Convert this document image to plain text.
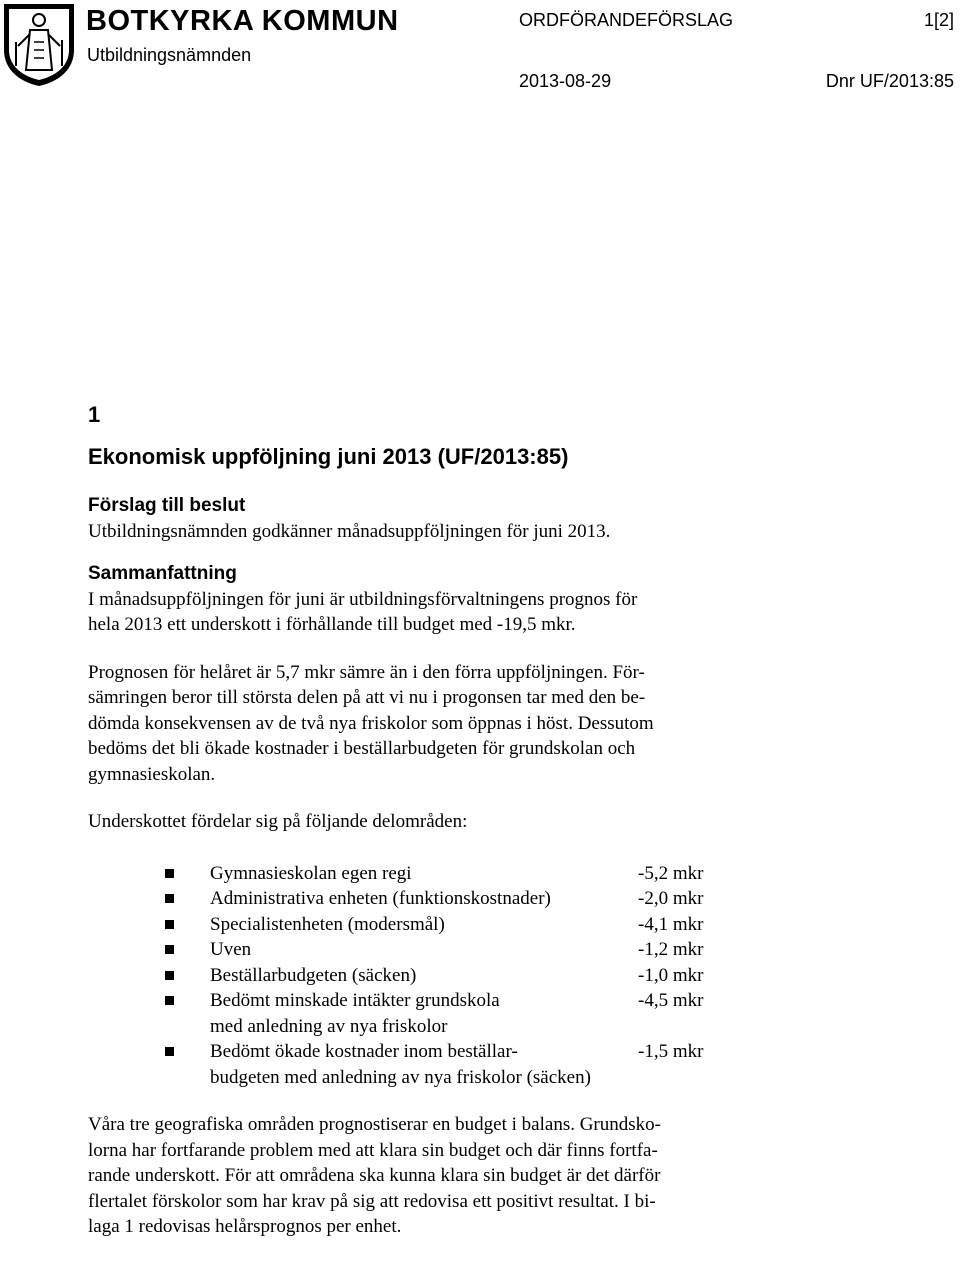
BOTKYRKA KOMMUN
Utbildningsnämnden
ORDFÖRANDEFÖRSLAG	1[2]
2013-08-29	Dnr UF/2013:85
1
Ekonomisk uppföljning juni 2013 (UF/2013:85)
Förslag till beslut

Utbildningsnämnden godkänner månadsuppföljningen för juni 2013.

Sammanfattning

I månadsuppföljningen för juni är utbildningsförvaltningens prognos för
hela 2013 ett underskott i förhållande till budget med -19,5 mkr.

Prognosen för helåret är 5,7 mkr sämre än i den förra uppföljningen. För-
sämringen beror till största delen på att vi nu i progonsen tar med den be-
dömda konsekvensen av de två nya friskolor som öppnas i höst. Dessutom
bedöms det bli ökade kostnader i beställarbudgeten för grundskolan och
gymnasieskolan.

Underskottet fördelar sig på följande delområden:

Gymnasieskolan egen regi	-5,2 mkr
Administrativa enheten (funktionskostnader)	-2,0 mkr
Specialistenheten (modersmål)	-4,1 mkr
Uven	-1,2 mkr
Beställarbudgeten (säcken)	-1,0 mkr
Bedömt minskade intäkter grundskola	-4,5 mkr
med anledning av nya friskolor
Bedömt ökade kostnader inom beställar-	-1,5 mkr
budgeten med anledning av nya friskolor (säcken)

Våra tre geografiska områden prognostiserar en budget i balans. Grundsko-
lorna har fortfarande problem med att klara sin budget och där finns fortfa-
rande underskott. För att områdena ska kunna klara sin budget är det därför
flertalet förskolor som har krav på sig att redovisa ett positivt resultat. I bi-
laga 1 redovisas helårsprognos per enhet.
